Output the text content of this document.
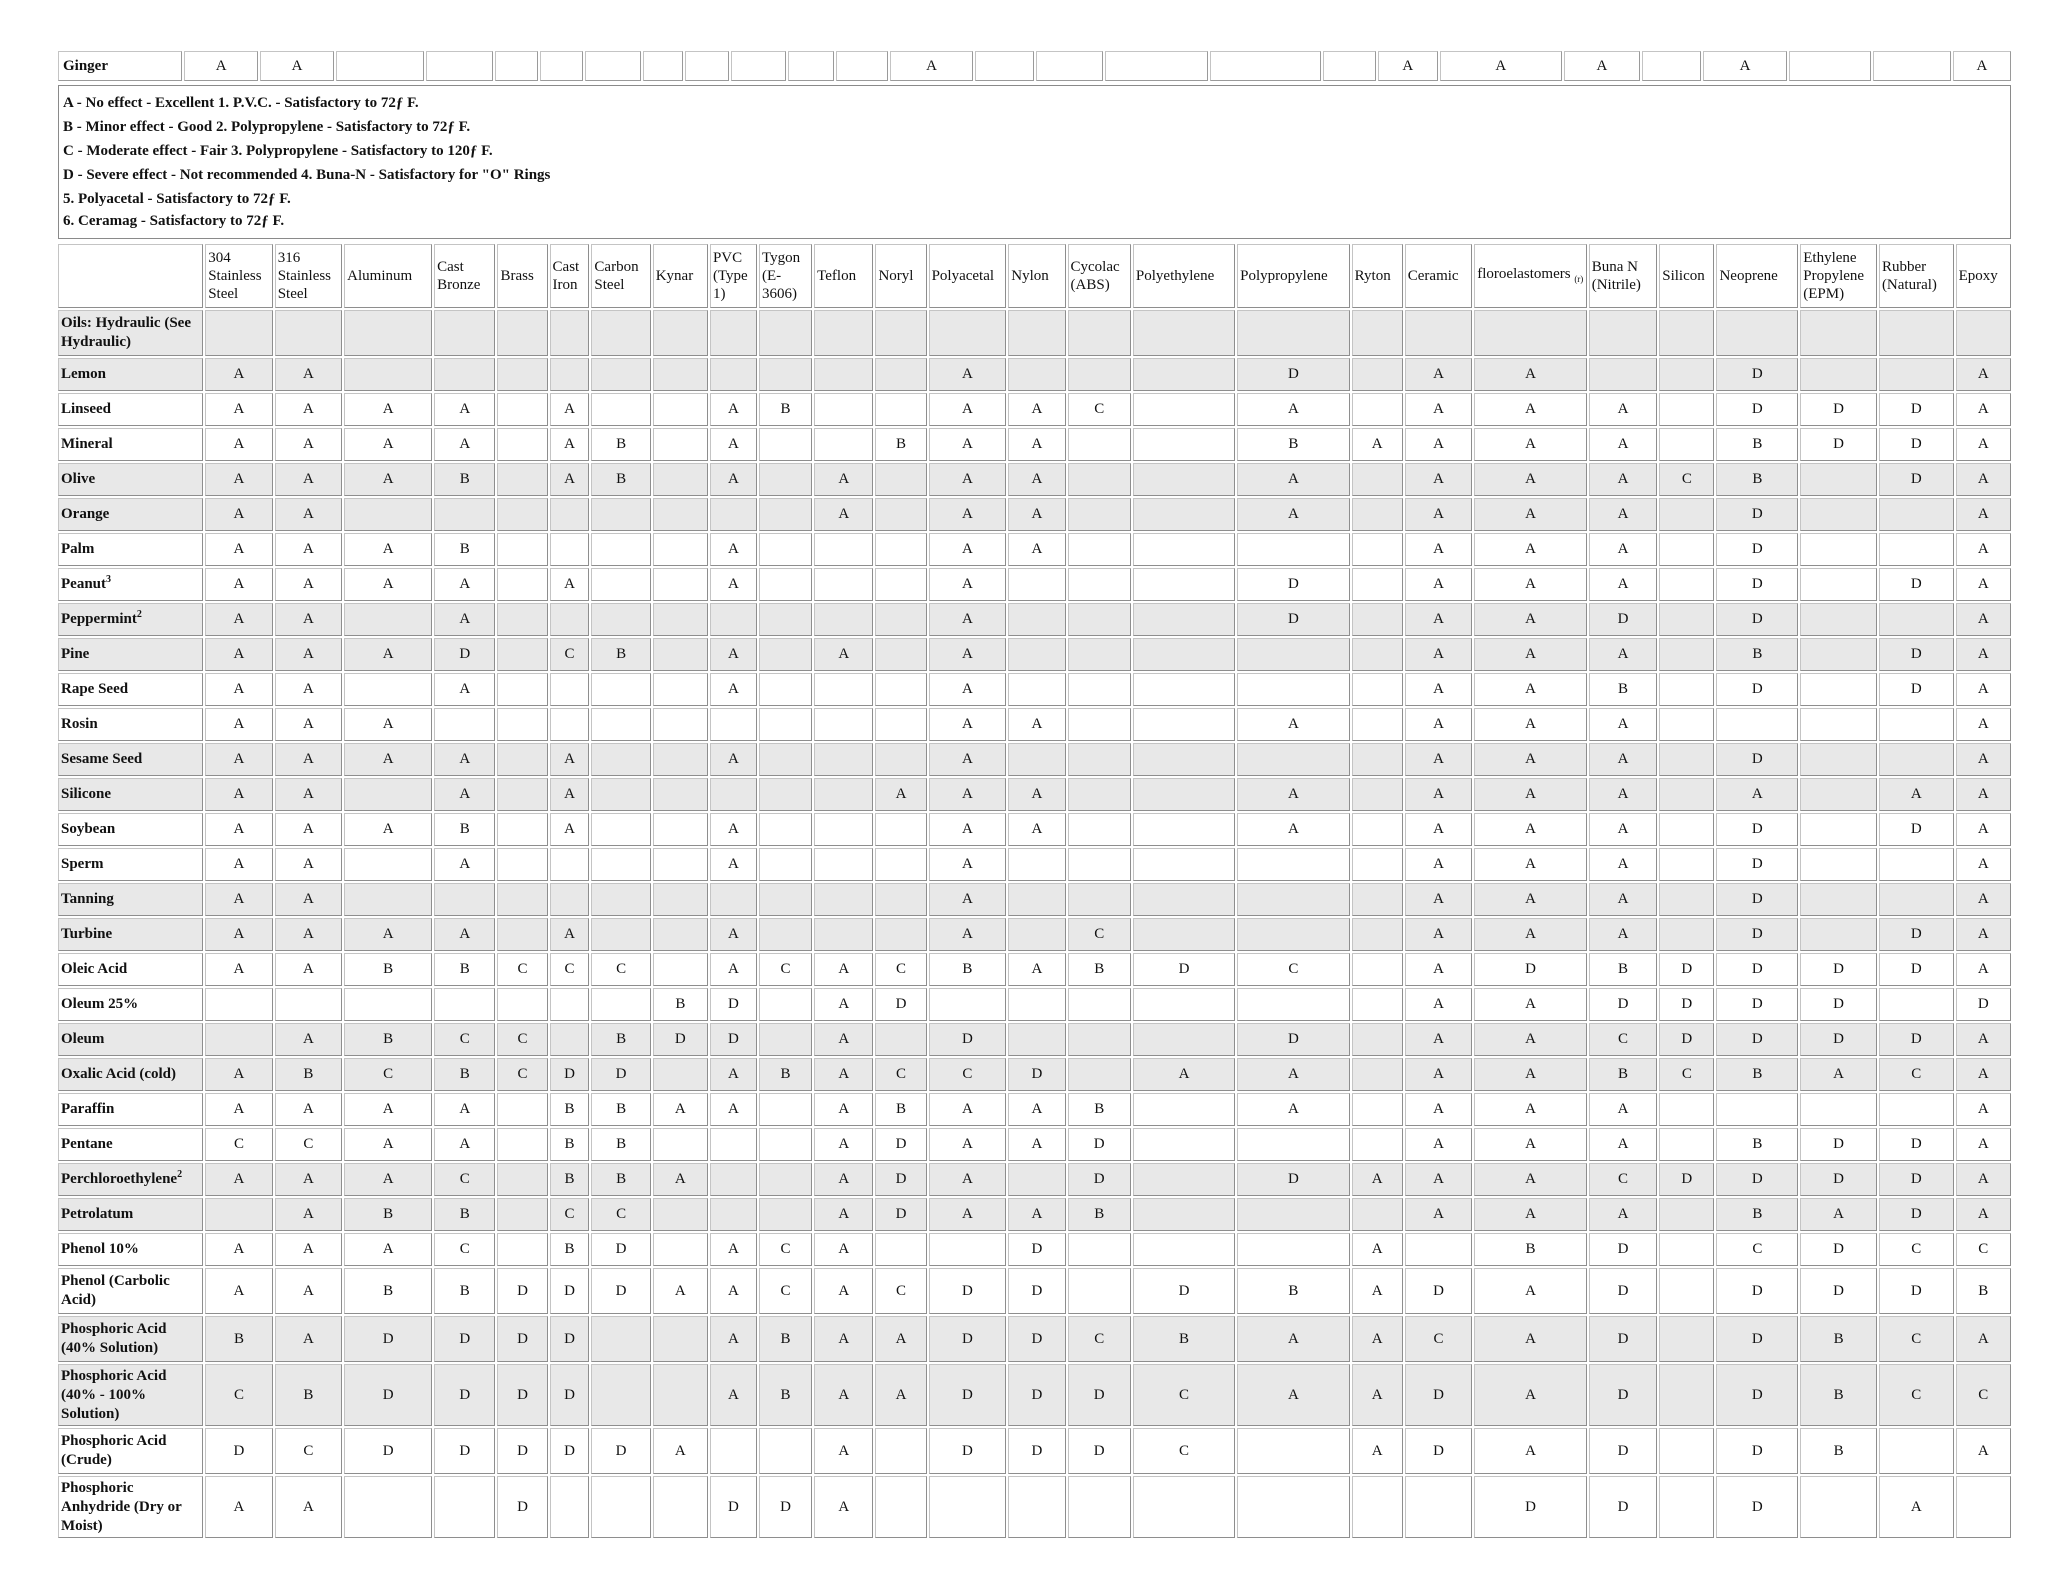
Ginger	A	A											A						A	A	A		A			A
A - No effect - Excellent 1. P.V.C. - Satisfactory to 72ƒ F.
B - Minor effect - Good 2. Polypropylene - Satisfactory to 72ƒ F.
C - Moderate effect - Fair 3. Polypropylene - Satisfactory to 120ƒ F.
D - Severe effect - Not recommended 4. Buna-N - Satisfactory for "O" Rings
5. Polyacetal - Satisfactory to 72ƒ F.
6. Ceramag - Satisfactory to 72ƒ F.
	304 Stainless Steel	316 Stainless Steel	Aluminum	Cast Bronze	Brass	Cast Iron	Carbon Steel	Kynar	PVC (Type 1)	Tygon (E-3606)	Teflon	Noryl	Polyacetal	Nylon	Cycolac (ABS)	Polyethylene	Polypropylene	Ryton	Ceramic	floroelastomers $_{(r)}$	Buna N (Nitrile)	Silicon	Neoprene	Ethylene Propylene (EPM)	Rubber (Natural)	Epoxy
Oils: Hydraulic (See Hydraulic)																										
Lemon	A	A											A				D		A	A			D			A
Linseed	A	A	A	A		A			A	B			A	A	C		A		A	A	A		D	D	D	A
Mineral	A	A	A	A		A	B		A			B	A	A			B	A	A	A	A		B	D	D	A
Olive	A	A	A	B		A	B		A		A		A	A			A		A	A	A	C	B		D	A
Orange	A	A									A		A	A			A		A	A	A		D			A
Palm	A	A	A	B					A				A	A					A	A	A		D			A
Peanut$^3$	A	A	A	A		A			A				A				D		A	A	A		D		D	A
Peppermint$^2$	A	A		A									A				D		A	A	D		D			A
Pine	A	A	A	D		C	B		A		A		A						A	A	A		B		D	A
Rape Seed	A	A		A					A				A						A	A	B		D		D	A
Rosin	A	A	A										A	A			A		A	A	A					A
Sesame Seed	A	A	A	A		A			A				A						A	A	A		D			A
Silicone	A	A		A		A						A	A	A			A		A	A	A		A		A	A
Soybean	A	A	A	B		A			A				A	A			A		A	A	A		D		D	A
Sperm	A	A		A					A				A						A	A	A		D			A
Tanning	A	A											A						A	A	A		D			A
Turbine	A	A	A	A		A			A				A		C				A	A	A		D		D	A
Oleic Acid	A	A	B	B	C	C	C		A	C	A	C	B	A	B	D	C		A	D	B	D	D	D	D	A
Oleum 25%								B	D		A	D							A	A	D	D	D	D		D
Oleum		A	B	C	C		B	D	D		A		D				D		A	A	C	D	D	D	D	A
Oxalic Acid (cold)	A	B	C	B	C	D	D		A	B	A	C	C	D		A	A		A	A	B	C	B	A	C	A
Paraffin	A	A	A	A		B	B	A	A		A	B	A	A	B		A		A	A	A					A
Pentane	C	C	A	A		B	B				A	D	A	A	D				A	A	A		B	D	D	A
Perchloroethylene$^2$	A	A	A	C		B	B	A			A	D	A		D		D	A	A	A	C	D	D	D	D	A
Petrolatum		A	B	B		C	C				A	D	A	A	B				A	A	A		B	A	D	A
Phenol 10%	A	A	A	C		B	D		A	C	A			D				A		B	D		C	D	C	C
Phenol (Carbolic Acid)	A	A	B	B	D	D	D	A	A	C	A	C	D	D		D	B	A	D	A	D		D	D	D	B
Phosphoric Acid (40% Solution)	B	A	D	D	D	D			A	B	A	A	D	D	C	B	A	A	C	A	D		D	B	C	A
Phosphoric Acid (40% - 100% Solution)	C	B	D	D	D	D			A	B	A	A	D	D	D	C	A	A	D	A	D		D	B	C	C
Phosphoric Acid (Crude)	D	C	D	D	D	D	D	A			A		D	D	D	C		A	D	A	D		D	B		A
Phosphoric Anhydride (Dry or Moist)	A	A			D				D	D	A									D	D		D		A	
